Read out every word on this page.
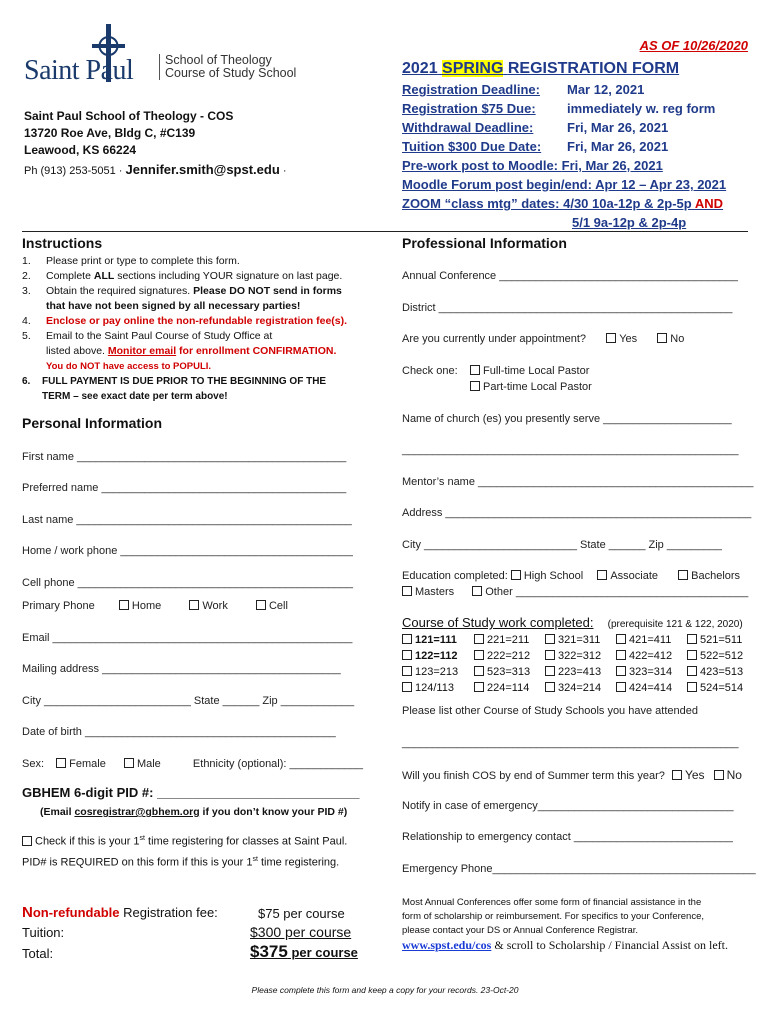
Saint Paul	School of Theology
Course of Study School
AS OF 10/26/2020
Saint Paul School of Theology - COS
13720 Roe Ave, Bldg C, #C139
Leawood, KS 66224
Ph (913) 253-5051 · Jennifer.smith@spst.edu ·
2021 SPRING REGISTRATION FORM
Registration Deadline: Mar 12, 2021
Registration $75 Due: immediately w. reg form
Withdrawal Deadline:	Fri, Mar 26, 2021
Tuition $300 Due Date: Fri, Mar 26, 2021
Pre-work post to Moodle: Fri, Mar 26, 2021
Moodle Forum post begin/end: Apr 12 – Apr 23, 2021
ZOOM “class mtg” dates: 4/30 10a-12p & 2p-5p AND
5/1 9a-12p & 2p-4p
Instructions
1. Please print or type to complete this form.
2. Complete ALL sections including YOUR signature on last page.
3. Obtain the required signatures. Please DO NOT send in forms
that have not been signed by all necessary parties!
4. Enclose or pay online the non-refundable registration fee(s).
5. Email to the Saint Paul Course of Study Office at
listed above. Monitor email for enrollment CONFIRMATION.
You do NOT have access to POPULI.
6. FULL PAYMENT IS DUE PRIOR TO THE BEGINNING OF THE
TERM – see exact date per term above!
Personal Information
First name ____________________________________________
Preferred name ________________________________________
Last name _____________________________________________
Home / work phone ______________________________________
Cell phone _____________________________________________
Primary Phone	Home	Work	Cell
Email _________________________________________________
Mailing address _______________________________________
City ________________________ State ______ Zip ____________
Date of birth _________________________________________
Sex: Female	Male	Ethnicity (optional): ____________
GBHEM 6-digit PID #: ____________________________
(Email cosregistrar@gbhem.org if you don’t know your PID #)
Check if this is your 1st time registering for classes at Saint Paul.
PID# is REQUIRED on this form if this is your 1st time registering.
Non-refundable Registration fee:	$75 per course
Tuition:	$300 per course
Total:	$375 per course
Professional Information
Annual Conference _______________________________________
District ________________________________________________
Are you currently under appointment?	Yes	No
Check one:	Full-time Local Pastor
Part-time Local Pastor
Name of church (es) you presently serve _____________________
_______________________________________________________
Mentor’s name _____________________________________________
Address __________________________________________________
City _________________________ State ______ Zip _________
Education completed: High School Associate	Bachelors
Masters	Other ______________________________________
Course of Study work completed: (prerequisite 121 & 122, 2020)
121=111	221=211	321=311	421=411	521=511
122=112	222=212	322=312	422=412	522=512
123=213	523=313	223=413	323=314	423=513
124/113	224=114	324=214	424=414	524=514
Please list other Course of Study Schools you have attended
_______________________________________________________
Will you finish COS by end of Summer term this year? Yes No
Notify in case of emergency________________________________
Relationship to emergency contact __________________________
Emergency Phone___________________________________________
Most Annual Conferences offer some form of financial assistance in the
form of scholarship or reimbursement. For specifics to your Conference,
please contact your DS or Annual Conference Registrar.
www.spst.edu/cos & scroll to Scholarship / Financial Assist on left.
Please complete this form and keep a copy for your records. 23-Oct-20
